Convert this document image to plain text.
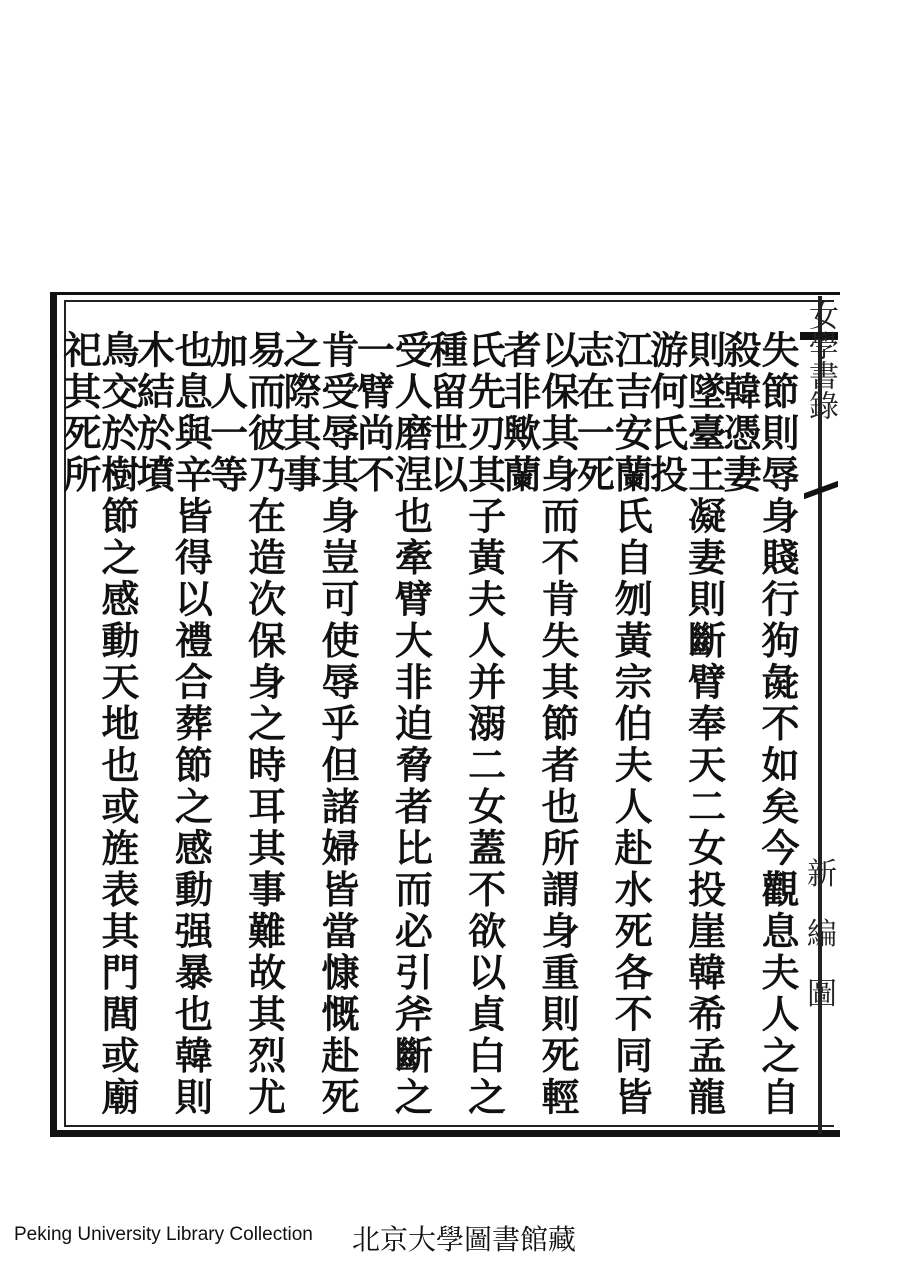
女學書錄
新
編
圖
失節則辱身賤行狗彘不如矣今觀息夫人之自殺韓憑妻
則墜臺王凝妻則斷臂奉天二女投崖韓希孟龍游何氏投
江吉安蘭氏自刎黃宗伯夫人赴水死各不同皆志在一死
以保其身而不肯失其節者也所謂身重則死輕者非歟蘭
氏先刃其子黃夫人并溺二女蓋不欲以貞白之種留世以
受人磨涅也牽臂大非迫脅者比而必引斧斷之一臂尚不
肯受辱其身豈可使辱乎但諸婦皆當慷慨赴死之際其事
易而彼乃在造次保身之時耳其事難故其烈尤加人一等
也息與辛皆得以禮合葬節之感動强暴也韓則木結於墳
鳥交於樹節之感動天地也或旌表其門閭或廟祀其死所
Peking University Library Collection 北京大學圖書館藏
